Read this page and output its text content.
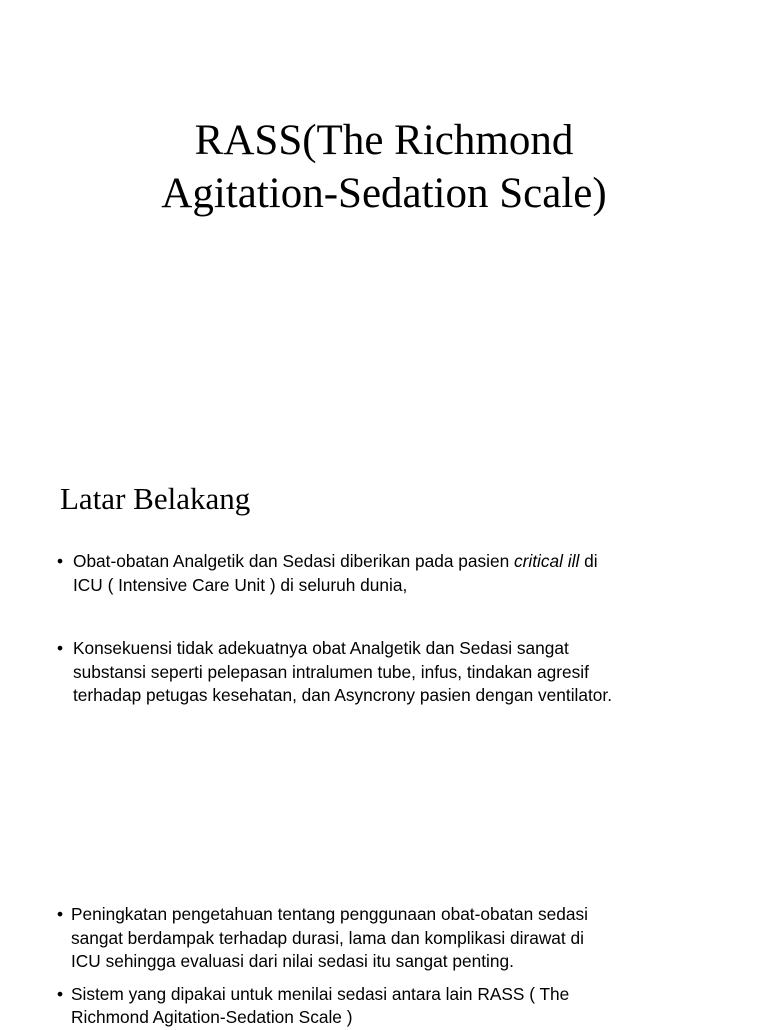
RASS(The Richmond
Agitation-Sedation Scale)
Latar Belakang
• Obat-obatan Analgetik dan Sedasi diberikan pada pasien critical ill di
ICU ( Intensive Care Unit ) di seluruh dunia,
• Konsekuensi tidak adekuatnya obat Analgetik dan Sedasi sangat
substansi seperti pelepasan intralumen tube, infus, tindakan agresif
terhadap petugas kesehatan, dan Asyncrony pasien dengan ventilator.
• Peningkatan pengetahuan tentang penggunaan obat-obatan sedasi
sangat berdampak terhadap durasi, lama dan komplikasi dirawat di
ICU sehingga evaluasi dari nilai sedasi itu sangat penting.
• Sistem yang dipakai untuk menilai sedasi antara lain RASS ( The
Richmond Agitation-Sedation Scale )
